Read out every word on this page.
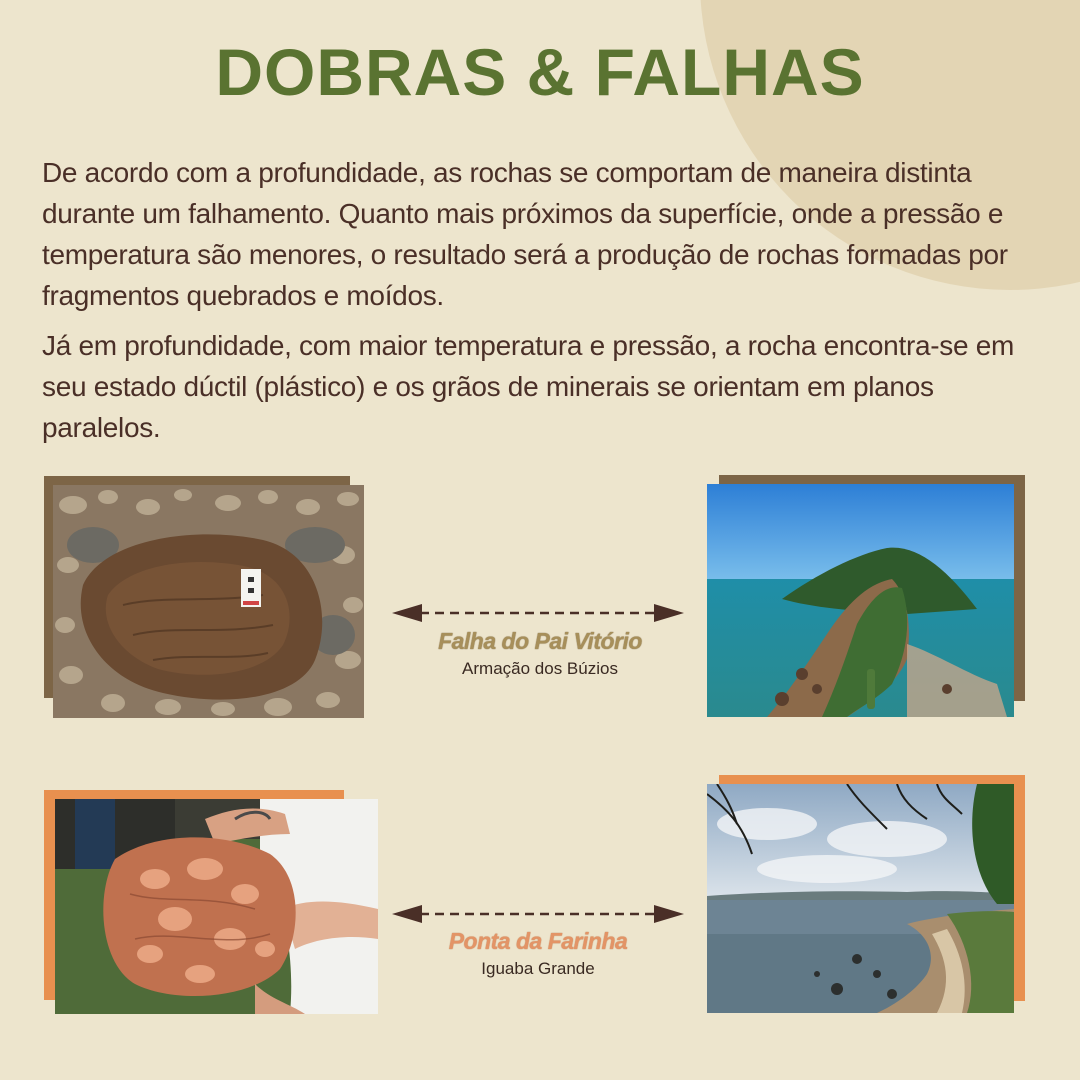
DOBRAS & FALHAS
De acordo com a profundidade, as rochas se comportam de maneira distinta durante um falhamento. Quanto mais próximos da superfície, onde a pressão e temperatura são menores, o resultado será a produção de rochas formadas por fragmentos quebrados e moídos.
Já em profundidade, com maior temperatura e pressão, a rocha encontra-se em seu estado dúctil (plástico) e os grãos de minerais se orientam em planos paralelos.
Falha do Pai Vitório
Armação dos Búzios
Ponta da Farinha
Iguaba Grande
